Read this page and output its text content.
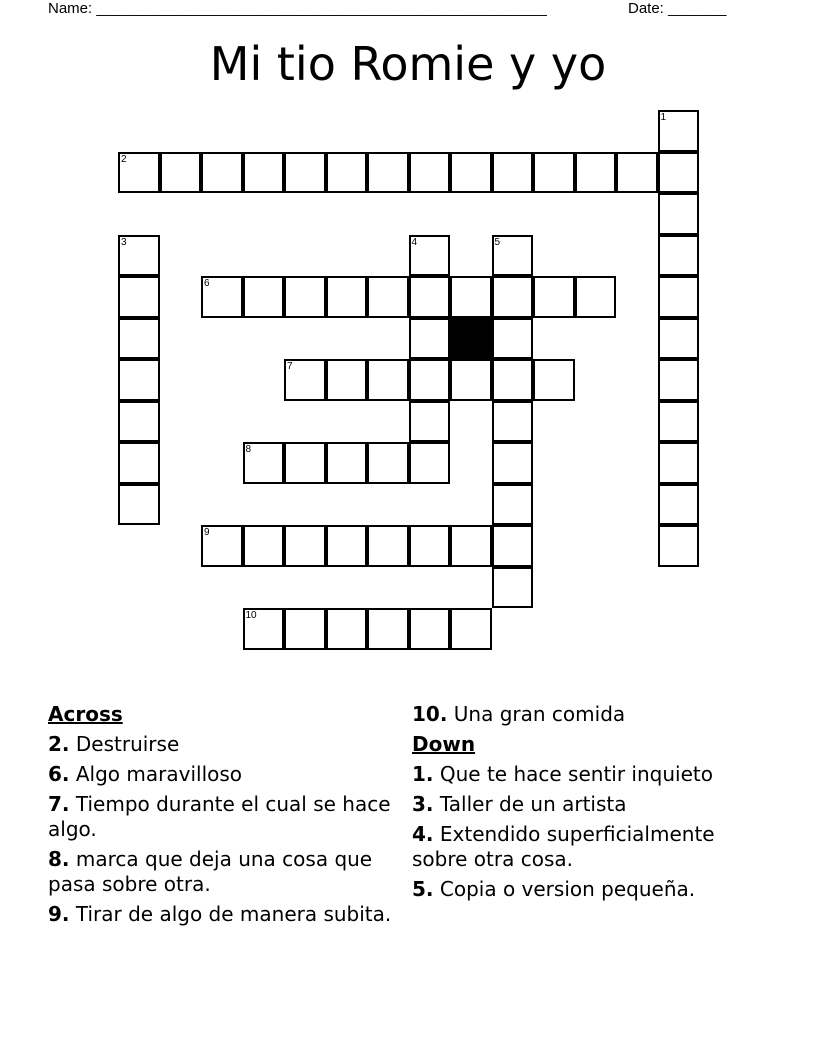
Name: ______________________________________________________	Date: _______
Mi tio Romie y yo
2
6
7
8
9
10
1
3	4	5
Across
2. Destruirse
6. Algo maravilloso
7. Tiempo durante el cual se hace algo.
8. marca que deja una cosa que pasa sobre otra.
9. Tirar de algo de manera subita.
10. Una gran comida
Down
1. Que te hace sentir inquieto
3. Taller de un artista
4. Extendido superficialmente sobre otra cosa.
5. Copia o version pequeña.
